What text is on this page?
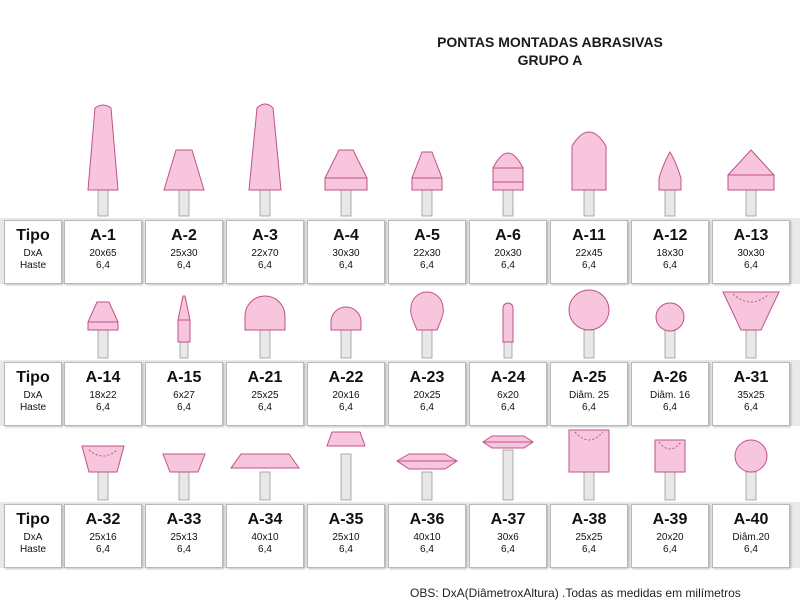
PONTAS MONTADAS ABRASIVAS
GRUPO A
Tipo
DxA
Haste
A-1
20x65
6,4
A-2
25x30
6,4
A-3
22x70
6,4
A-4
30x30
6,4
A-5
22x30
6,4
A-6
20x30
6,4
A-11
22x45
6,4
A-12
18x30
6,4
A-13
30x30
6,4
Tipo
DxA
Haste
A-14
18x22
6,4
A-15
6x27
6,4
A-21
25x25
6,4
A-22
20x16
6,4
A-23
20x25
6,4
A-24
6x20
6,4
A-25
Diâm. 25
6,4
A-26
Diâm. 16
6,4
A-31
35x25
6,4
Tipo
DxA
Haste
A-32
25x16
6,4
A-33
25x13
6,4
A-34
40x10
6,4
A-35
25x10
6,4
A-36
40x10
6,4
A-37
30x6
6,4
A-38
25x25
6,4
A-39
20x20
6,4
A-40
Diâm.20
6,4
OBS: DxA(DiâmetroxAltura) .Todas as medidas em milímetros
